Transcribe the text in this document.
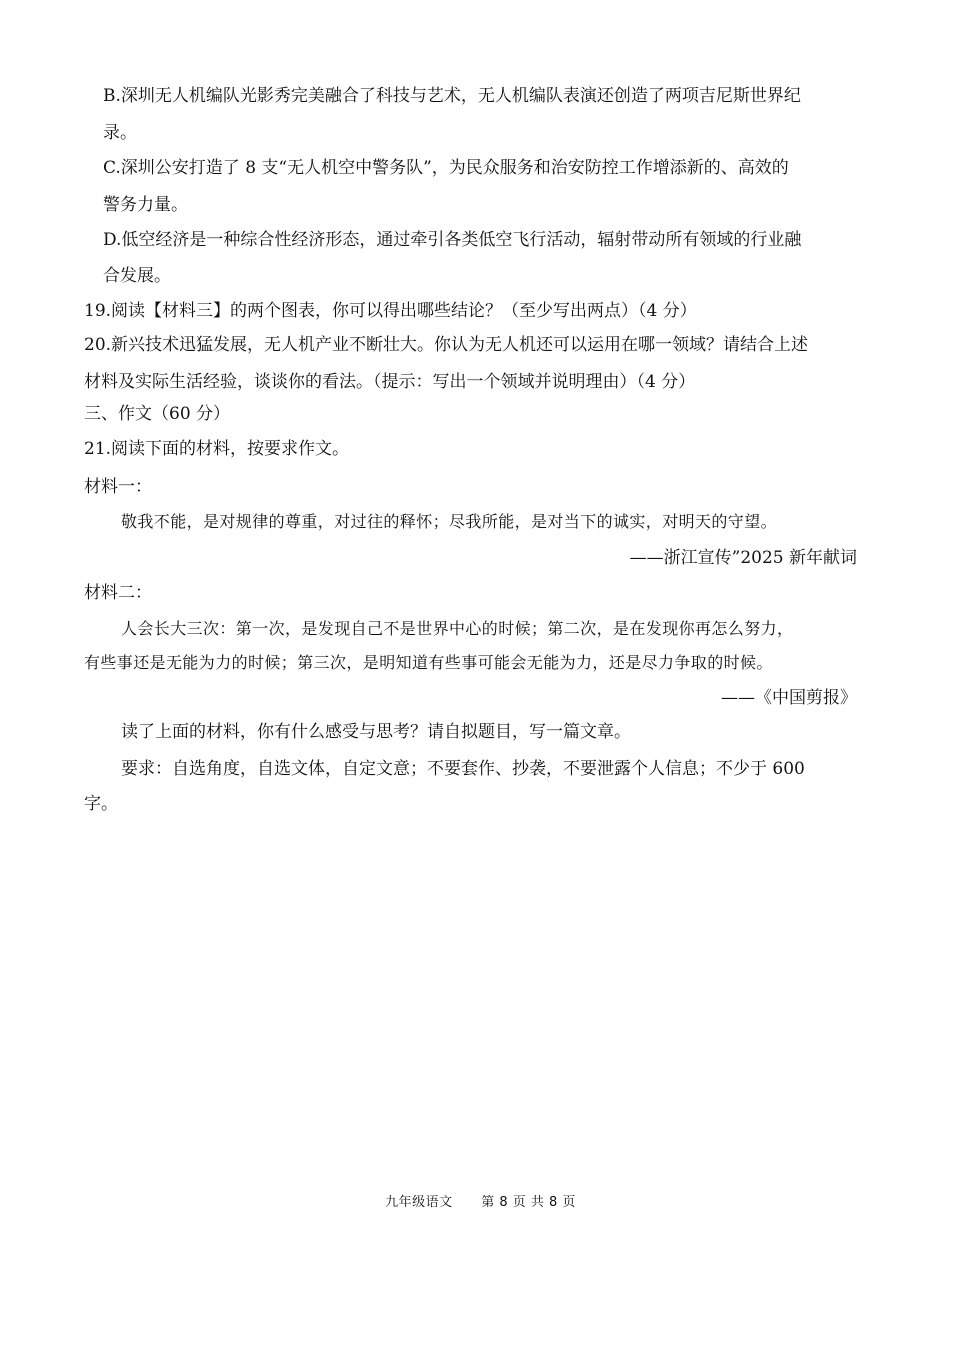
B.深圳无人机编队光影秀完美融合了科技与艺术，无人机编队表演还创造了两项吉尼斯世界纪
录。
C.深圳公安打造了 8 支“无人机空中警务队”，为民众服务和治安防控工作增添新的、高效的
警务力量。
D.低空经济是一种综合性经济形态，通过牵引各类低空飞行活动，辐射带动所有领域的行业融
合发展。
19.阅读【材料三】的两个图表，你可以得出哪些结论？（至少写出两点）（4 分）
20.新兴技术迅猛发展，无人机产业不断壮大。你认为无人机还可以运用在哪一领域？请结合上述
材料及实际生活经验，谈谈你的看法。（提示：写出一个领域并说明理由）（4 分）
三、作文（60 分）
21.阅读下面的材料，按要求作文。
材料一：
敬我不能，是对规律的尊重，对过往的释怀；尽我所能，是对当下的诚实，对明天的守望。
——浙江宣传”2025 新年献词
材料二：
人会长大三次：第一次，是发现自己不是世界中心的时候；第二次，是在发现你再怎么努力，
有些事还是无能为力的时候；第三次，是明知道有些事可能会无能为力，还是尽力争取的时候。
——《中国剪报》
读了上面的材料，你有什么感受与思考？请自拟题目，写一篇文章。
要求：自选角度，自选文体，自定文意；不要套作、抄袭，不要泄露个人信息；不少于 600
字。
九年级语文 第 8 页 共 8 页
